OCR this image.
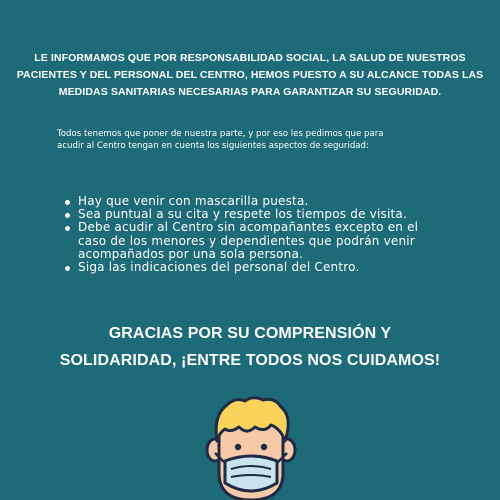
LE INFORMAMOS QUE POR RESPONSABILIDAD SOCIAL, LA SALUD DE NUESTROS
PACIENTES Y DEL PERSONAL DEL CENTRO, HEMOS PUESTO A SU ALCANCE TODAS LAS
MEDIDAS SANITARIAS NECESARIAS PARA GARANTIZAR SU SEGURIDAD.
Todos tenemos que poner de nuestra parte, y por eso les pedimos que para
acudir al Centro tengan en cuenta los siguientes aspectos de seguridad:
Hay que venir con mascarilla puesta.
Sea puntual a su cita y respete los tiempos de visita.
Debe acudir al Centro sin acompañantes excepto en el
caso de los menores y dependientes que podrán venir
acompañados por una sola persona.
Siga las indicaciones del personal del Centro.
GRACIAS POR SU COMPRENSIÓN Y
SOLIDARIDAD, ¡ENTRE TODOS NOS CUIDAMOS!
